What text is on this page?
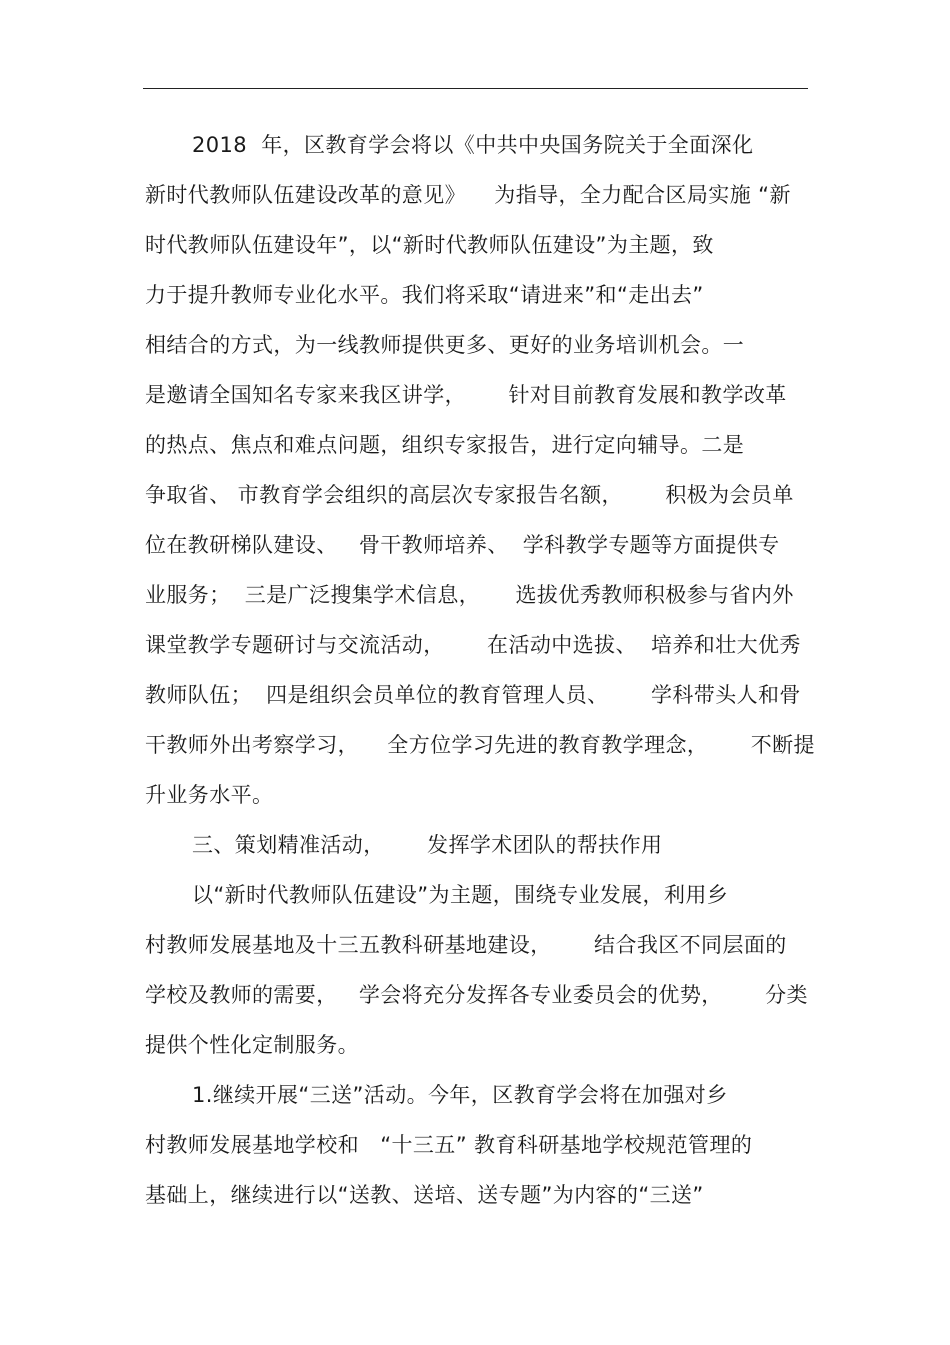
2018  年，区教育学会将以《中共中央国务院关于全面深化
新时代教师队伍建设改革的意见》    为指导，全力配合区局实施 “新
时代教师队伍建设年”，以“新时代教师队伍建设”为主题，致
力于提升教师专业化水平。我们将采取“请进来”和“走出去”
相结合的方式，为一线教师提供更多、更好的业务培训机会。一
是邀请全国知名专家来我区讲学，      针对目前教育发展和教学改革
的热点、焦点和难点问题，组织专家报告，进行定向辅导。二是
争取省、 市教育学会组织的高层次专家报告名额，      积极为会员单
位在教研梯队建设、   骨干教师培养、  学科教学专题等方面提供专
业服务；  三是广泛搜集学术信息，     选拔优秀教师积极参与省内外
课堂教学专题研讨与交流活动，      在活动中选拔、  培养和壮大优秀
教师队伍；  四是组织会员单位的教育管理人员、      学科带头人和骨
干教师外出考察学习，    全方位学习先进的教育教学理念，      不断提
升业务水平。
三、策划精准活动，      发挥学术团队的帮扶作用
以“新时代教师队伍建设”为主题，围绕专业发展，利用乡
村教师发展基地及十三五教科研基地建设，      结合我区不同层面的
学校及教师的需要，   学会将充分发挥各专业委员会的优势，      分类
提供个性化定制服务。
1.继续开展“三送”活动。今年，区教育学会将在加强对乡
村教师发展基地学校和   “十三五” 教育科研基地学校规范管理的
基础上，继续进行以“送教、送培、送专题”为内容的“三送”
